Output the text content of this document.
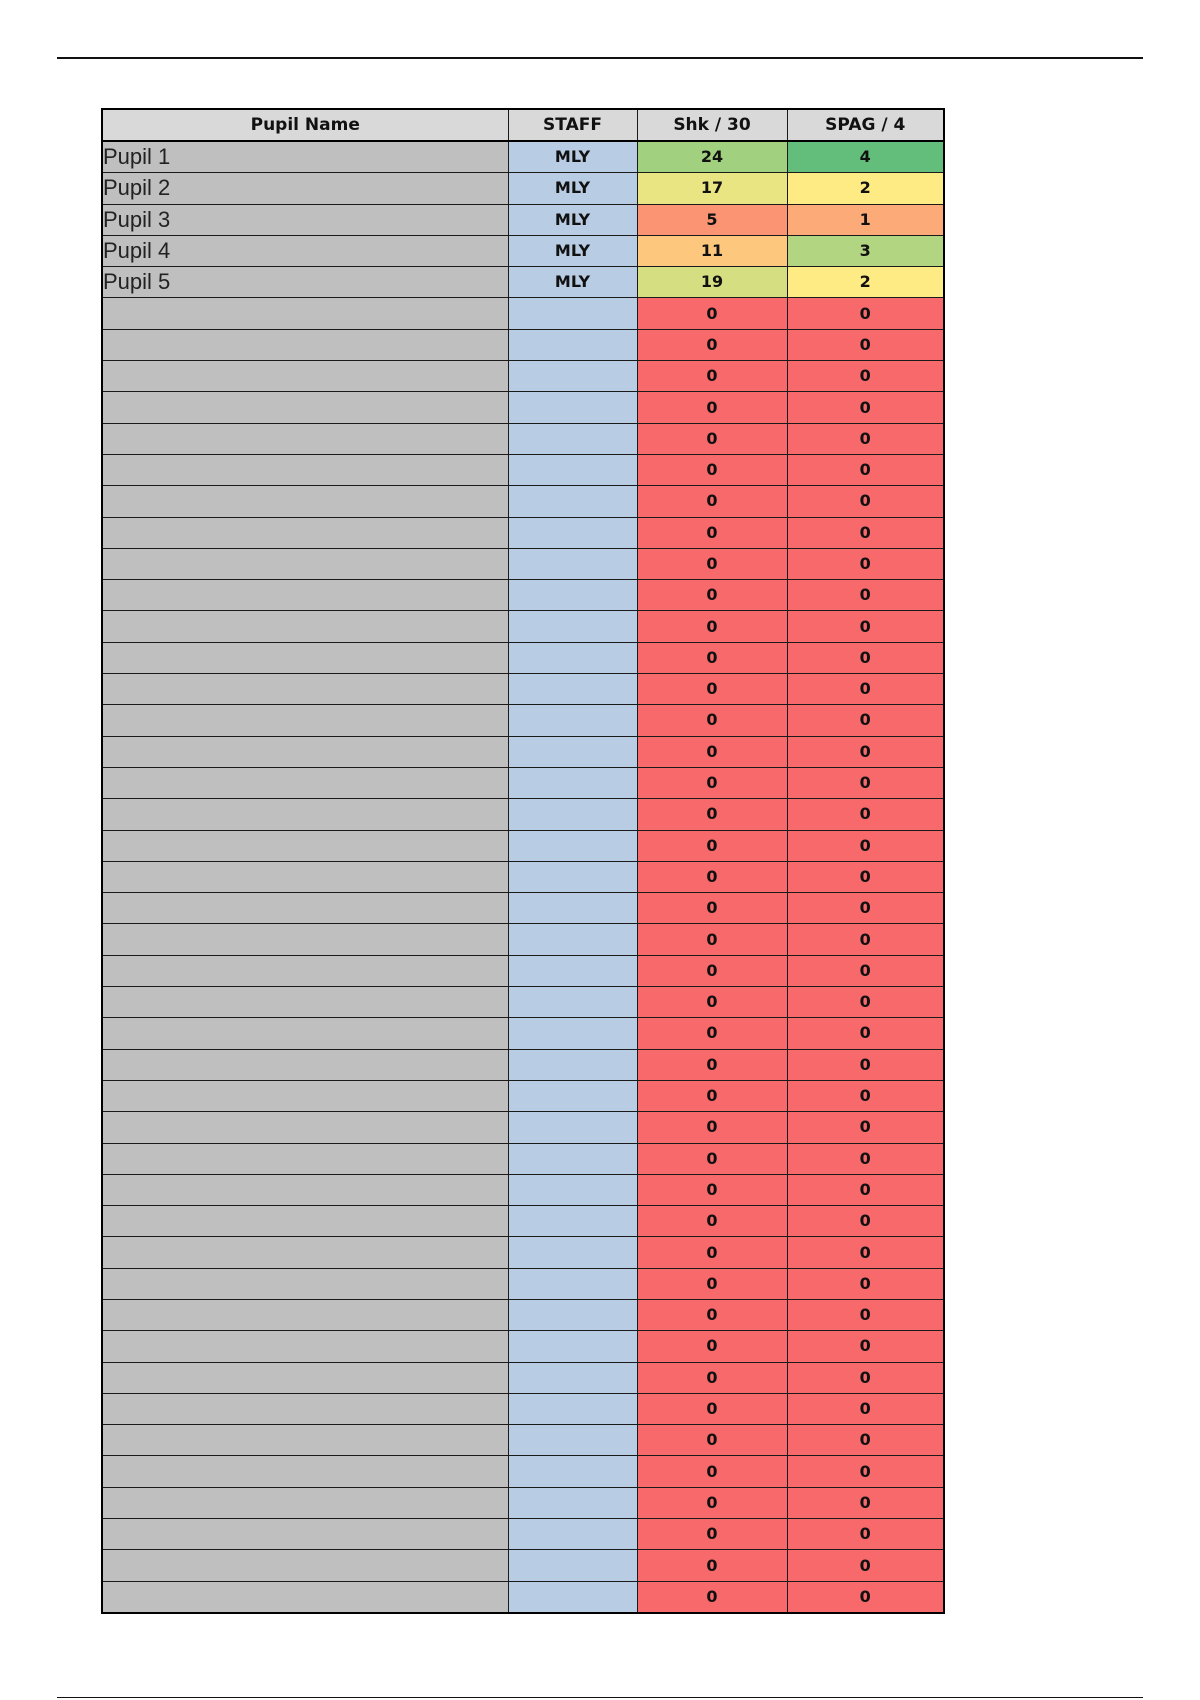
Pupil Name	STAFF	Shk / 30	SPAG / 4
Pupil 1	MLY	24	4
Pupil 2	MLY	17	2
Pupil 3	MLY	5	1
Pupil 4	MLY	11	3
Pupil 5	MLY	19	2
		0	0
		0	0
		0	0
		0	0
		0	0
		0	0
		0	0
		0	0
		0	0
		0	0
		0	0
		0	0
		0	0
		0	0
		0	0
		0	0
		0	0
		0	0
		0	0
		0	0
		0	0
		0	0
		0	0
		0	0
		0	0
		0	0
		0	0
		0	0
		0	0
		0	0
		0	0
		0	0
		0	0
		0	0
		0	0
		0	0
		0	0
		0	0
		0	0
		0	0
		0	0
		0	0
